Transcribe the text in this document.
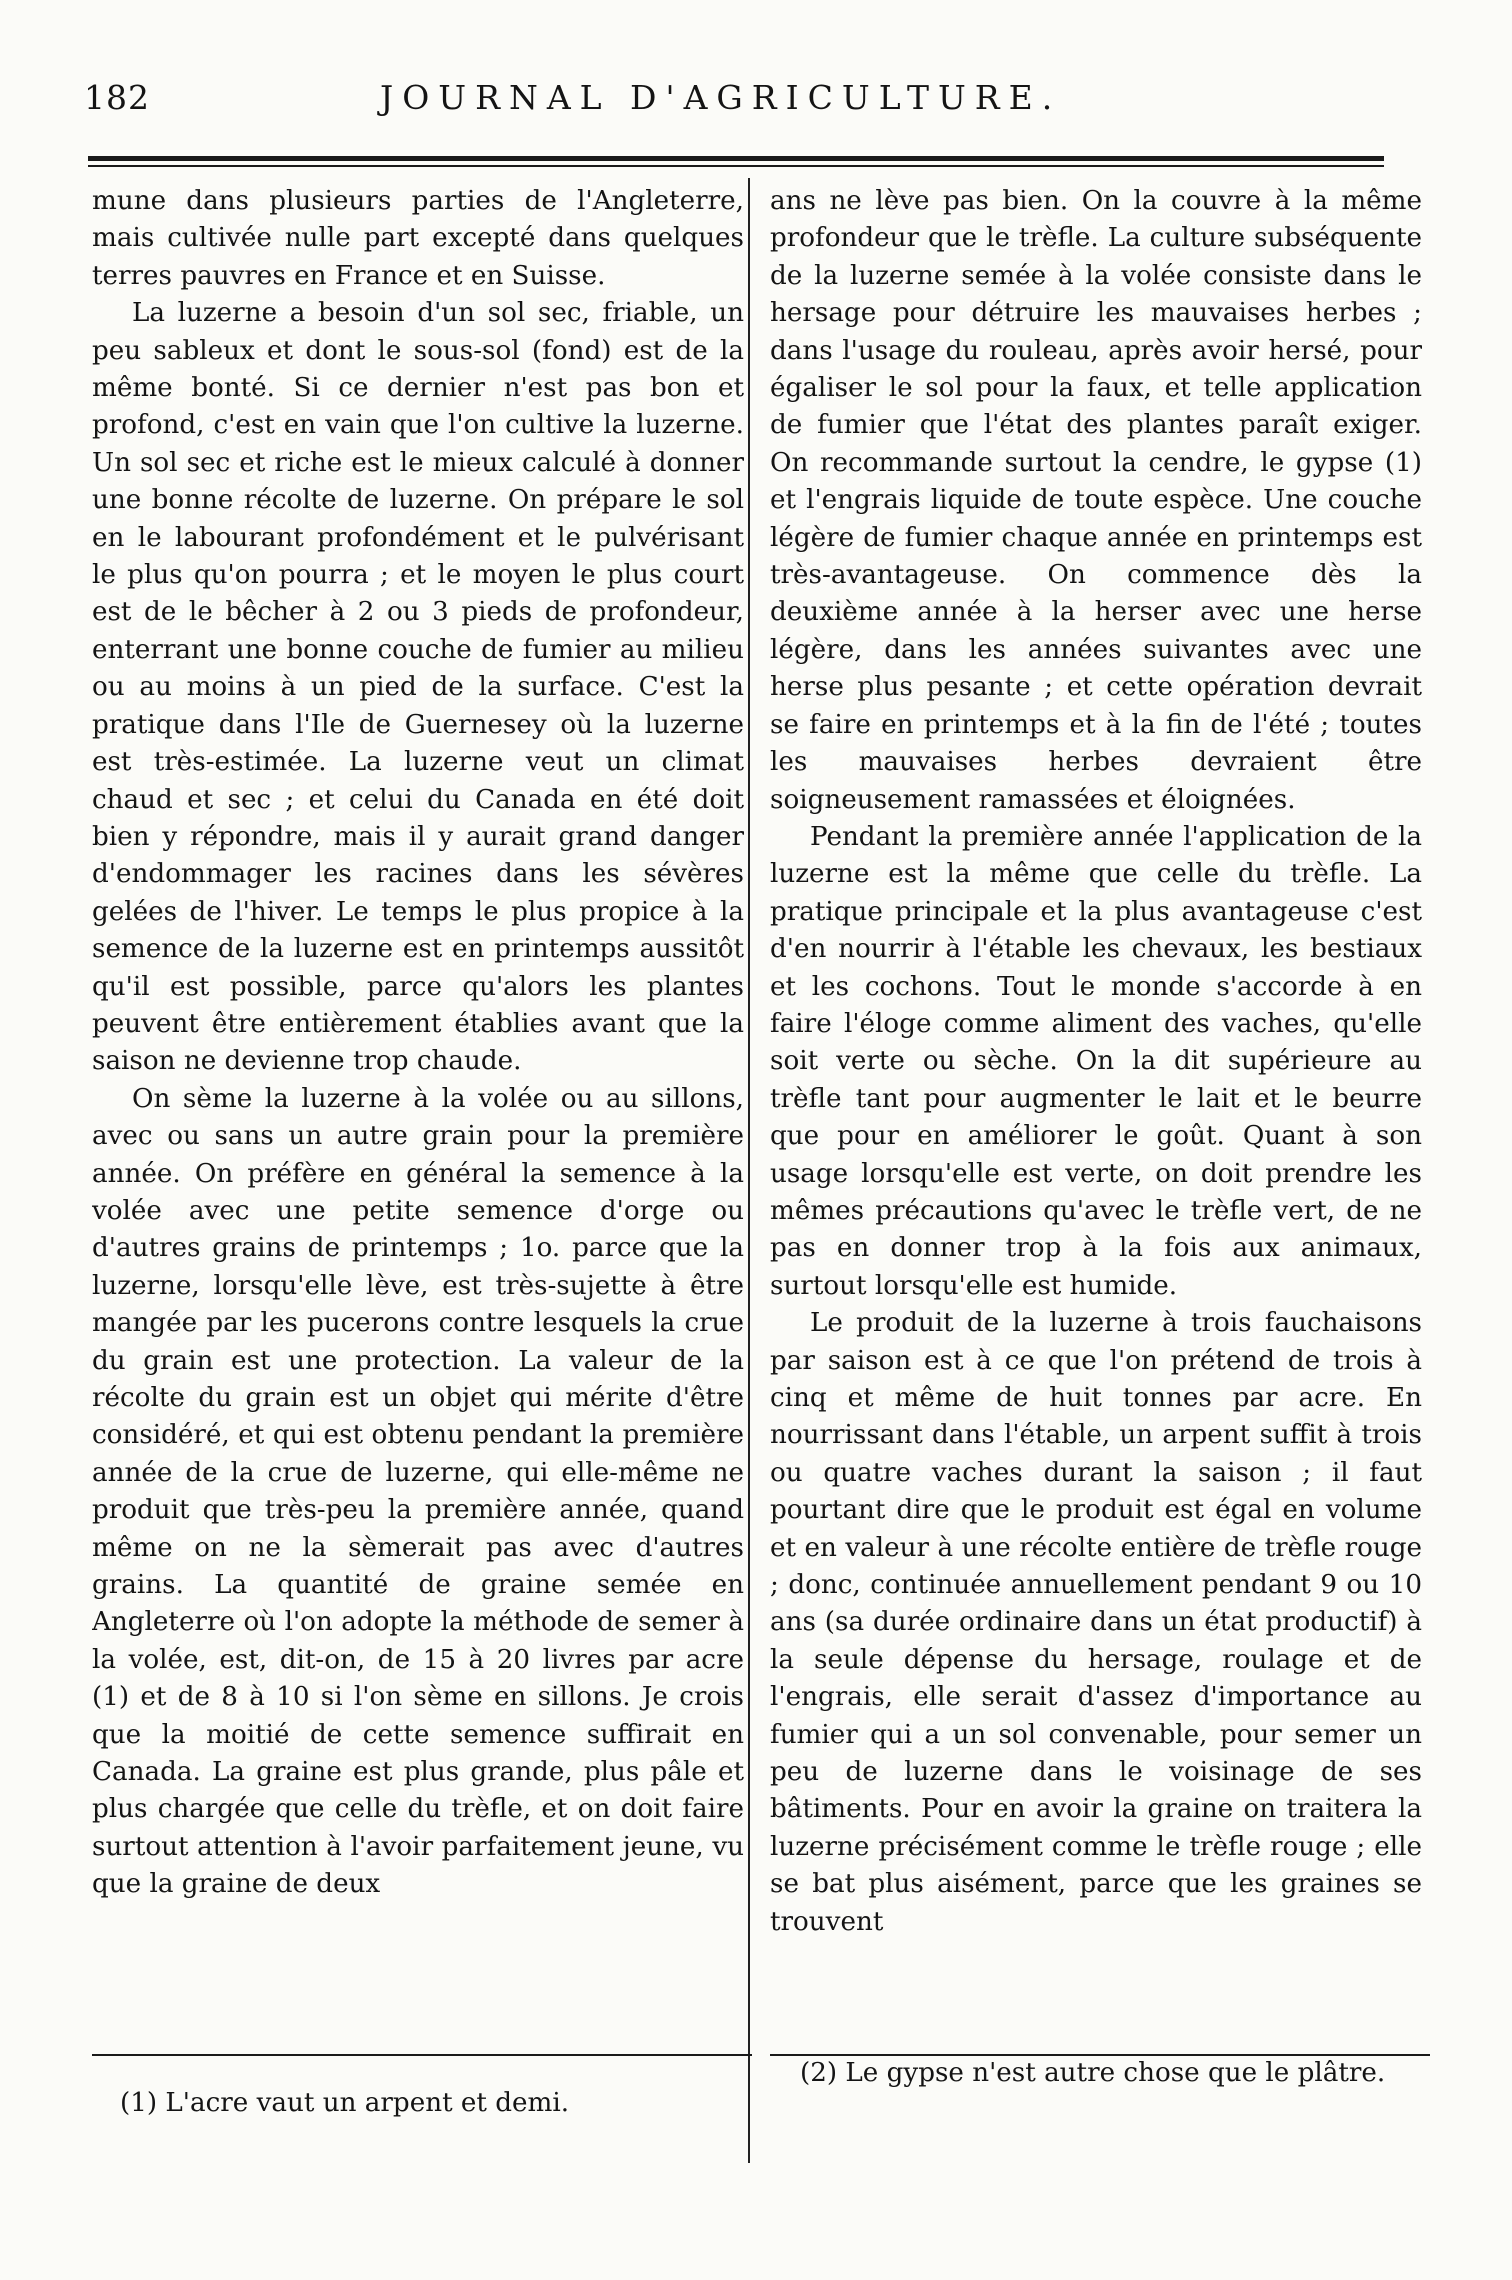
182	JOURNAL D'AGRICULTURE.

mune dans plusieurs parties de l'Angleterre, mais cultivée nulle part excepté dans quelques terres pauvres en France et en Suisse.

La luzerne a besoin d'un sol sec, friable, un peu sableux et dont le sous-sol (fond) est de la même bonté. Si ce dernier n'est pas bon et profond, c'est en vain que l'on cultive la luzerne. Un sol sec et riche est le mieux calculé à donner une bonne récolte de luzerne. On prépare le sol en le labourant profondément et le pulvérisant le plus qu'on pourra ; et le moyen le plus court est de le bêcher à 2 ou 3 pieds de profondeur, enterrant une bonne couche de fumier au milieu ou au moins à un pied de la surface. C'est la pratique dans l'Ile de Guernesey où la luzerne est très-estimée. La luzerne veut un climat chaud et sec ; et celui du Canada en été doit bien y répondre, mais il y aurait grand danger d'endommager les racines dans les sévères gelées de l'hiver. Le temps le plus propice à la semence de la luzerne est en printemps aussitôt qu'il est possible, parce qu'alors les plantes peuvent être entièrement établies avant que la saison ne devienne trop chaude.

On sème la luzerne à la volée ou au sillons, avec ou sans un autre grain pour la première année. On préfère en général la semence à la volée avec une petite semence d'orge ou d'autres grains de printemps ; 1o. parce que la luzerne, lorsqu'elle lève, est très-sujette à être mangée par les pucerons contre lesquels la crue du grain est une protection. La valeur de la récolte du grain est un objet qui mérite d'être considéré, et qui est obtenu pendant la première année de la crue de luzerne, qui elle-même ne produit que très-peu la première année, quand même on ne la sèmerait pas avec d'autres grains. La quantité de graine semée en Angleterre où l'on adopte la méthode de semer à la volée, est, dit-on, de 15 à 20 livres par acre (1) et de 8 à 10 si l'on sème en sillons. Je crois que la moitié de cette semence suffirait en Canada. La graine est plus grande, plus pâle et plus chargée que celle du trèfle, et on doit faire surtout attention à l'avoir parfaitement jeune, vu que la graine de deux

ans ne lève pas bien. On la couvre à la même profondeur que le trèfle. La culture subséquente de la luzerne semée à la volée consiste dans le hersage pour détruire les mauvaises herbes ; dans l'usage du rouleau, après avoir hersé, pour égaliser le sol pour la faux, et telle application de fumier que l'état des plantes paraît exiger. On recommande surtout la cendre, le gypse (1) et l'engrais liquide de toute espèce. Une couche légère de fumier chaque année en printemps est très-avantageuse. On commence dès la deuxième année à la herser avec une herse légère, dans les années suivantes avec une herse plus pesante ; et cette opération devrait se faire en printemps et à la fin de l'été ; toutes les mauvaises herbes devraient être soigneusement ramassées et éloignées.

Pendant la première année l'application de la luzerne est la même que celle du trèfle. La pratique principale et la plus avantageuse c'est d'en nourrir à l'étable les chevaux, les bestiaux et les cochons. Tout le monde s'accorde à en faire l'éloge comme aliment des vaches, qu'elle soit verte ou sèche. On la dit supérieure au trèfle tant pour augmenter le lait et le beurre que pour en améliorer le goût. Quant à son usage lorsqu'elle est verte, on doit prendre les mêmes précautions qu'avec le trèfle vert, de ne pas en donner trop à la fois aux animaux, surtout lorsqu'elle est humide.

Le produit de la luzerne à trois fauchaisons par saison est à ce que l'on prétend de trois à cinq et même de huit tonnes par acre. En nourrissant dans l'étable, un arpent suffit à trois ou quatre vaches durant la saison ; il faut pourtant dire que le produit est égal en volume et en valeur à une récolte entière de trèfle rouge ; donc, continuée annuellement pendant 9 ou 10 ans (sa durée ordinaire dans un état productif) à la seule dépense du hersage, roulage et de l'engrais, elle serait d'assez d'importance au fumier qui a un sol convenable, pour semer un peu de luzerne dans le voisinage de ses bâtiments. Pour en avoir la graine on traitera la luzerne précisément comme le trèfle rouge ; elle se bat plus aisément, parce que les graines se trouvent

(1) L'acre vaut un arpent et demi.
(2) Le gypse n'est autre chose que le plâtre.
